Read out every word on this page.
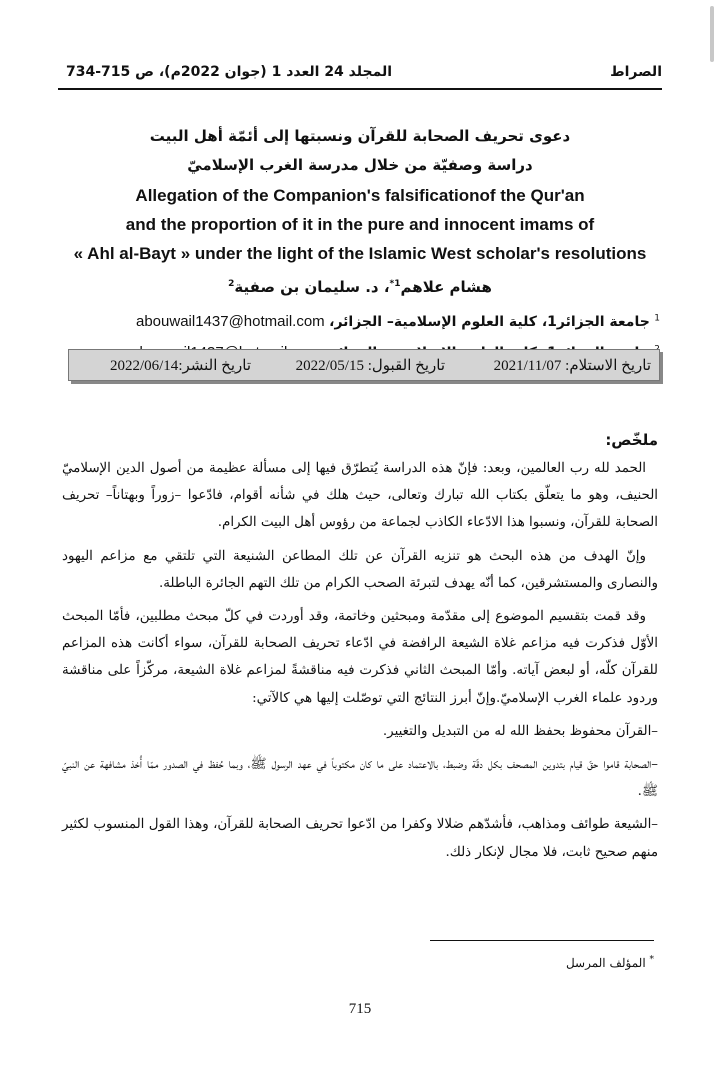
الصراط
المجلد 24 العدد 1 (جوان 2022م)، ص 715-734
دعوى تحريف الصحابة للقرآن ونسبتها إلى أئمّة أهل البيت
دراسة وصفيّة من خلال مدرسة الغرب الإسلاميّ
Allegation of the Companion's falsificationof the Qur'an
and the proportion of it in the pure and innocent imams of
« Ahl al-Bayt » under the light of the Islamic West scholar's resolutions
هشام علاهم$^{1*}$، د. سليمان بن صفية$^2$
$^1$ جامعة الجزائر1، كلية العلوم الإسلامية– الجزائر، abouwail1437@hotmail.com
تاريخ الاستلام: 2021/11/07
تاريخ القبول: 2022/05/15
تاريخ النشر:2022/06/14
ملخّص:

الحمد لله رب العالمين، وبعد: فإنّ هذه الدراسة يُتطرّق فيها إلى مسألة عظيمة من أصول الدين الإسلاميّ الحنيف، وهو ما يتعلّق بكتاب الله تبارك وتعالى، حيث هلك في شأنه أقوام، فادّعوا –زوراً وبهتاناً– تحريف الصحابة للقرآن، ونسبوا هذا الادّعاء الكاذب لجماعة من رؤوس أهل البيت الكرام.

وإنّ الهدف من هذه البحث هو تنزيه القرآن عن تلك المطاعن الشنيعة التي تلتقي مع مزاعم اليهود والنصارى والمستشرقين، كما أنّه يهدف لتبرئة الصحب الكرام من تلك التهم الجائرة الباطلة.

وقد قمت بتقسيم الموضوع إلى مقدّمة ومبحثين وخاتمة، وقد أوردت في كلّ مبحث مطلبين، فأمّا المبحث الأوّل فذكرت فيه مزاعم غلاة الشيعة الرافضة في ادّعاء تحريف الصحابة للقرآن، سواء أكانت هذه المزاعم للقرآن كلّه، أو لبعض آياته. وأمّا المبحث الثاني فذكرت فيه مناقشةً لمزاعم غلاة الشيعة، مركّزاً على مناقشة وردود علماء الغرب الإسلاميّ.وإنّ أبرز النتائج التي توصّلت إليها هي كالآتي:

–القرآن محفوظ بحفظ الله له من التبديل والتغيير.

–الصحابة قاموا حقّ قيام بتدوين المصحف بكل دقّة وضبط، بالاعتماد على ما كان مكتوباً في عهد الرسول ﷺ، وبما حُفظ في الصدور ممّا أُخذ مشافهة عن النبيّ ﷺ.

–الشيعة طوائف ومذاهب، فأشدّهم ضلالا وكفرا من ادّعوا تحريف الصحابة للقرآن، وهذا القول المنسوب لكثير منهم صحيح ثابت، فلا مجال لإنكار ذلك.

* المؤلف المرسل
715
